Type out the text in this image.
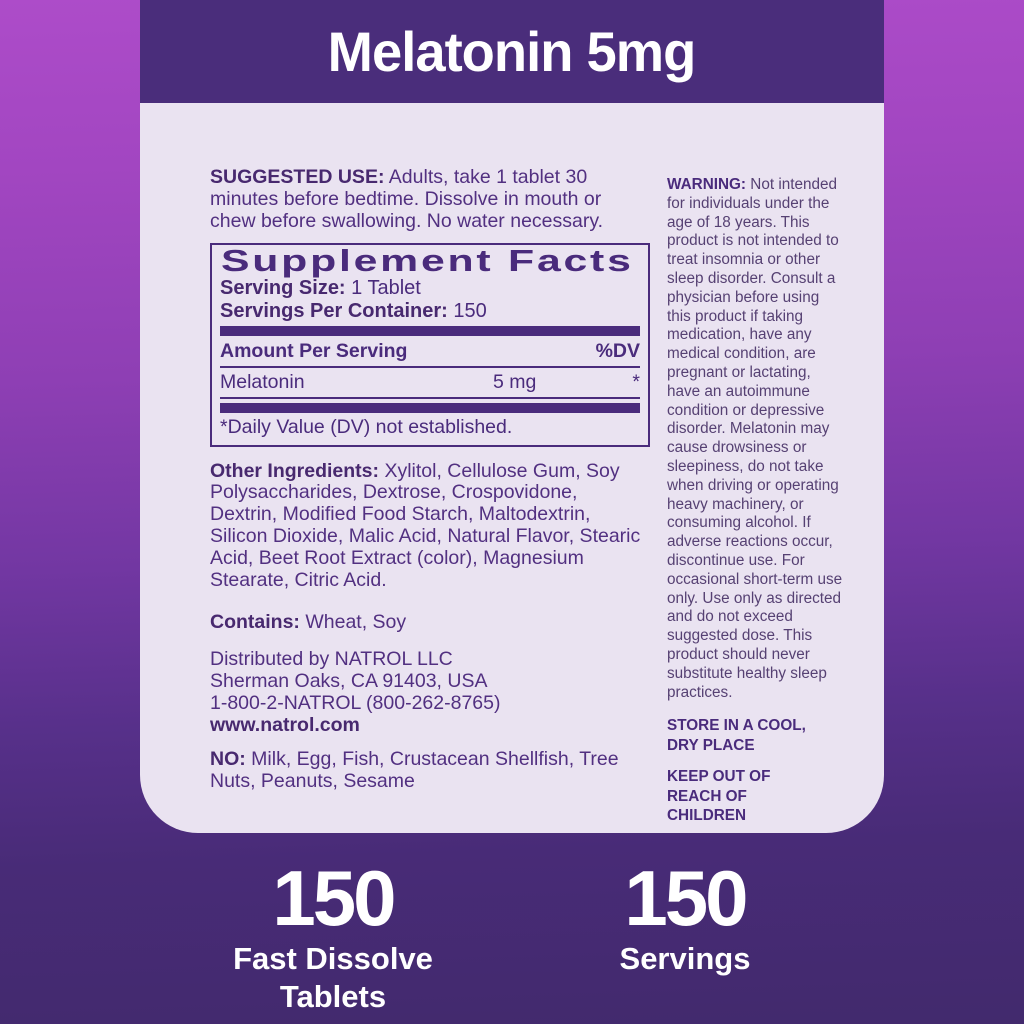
Melatonin 5mg

SUGGESTED USE: Adults, take 1 tablet 30 minutes before bedtime. Dissolve in mouth or chew before swallowing. No water necessary.

Supplement Facts
Serving Size: 1 Tablet
Servings Per Container: 150
Amount Per Serving	%DV
Melatonin	5 mg	*
*Daily Value (DV) not established.

Other Ingredients: Xylitol, Cellulose Gum, Soy Polysaccharides, Dextrose, Crospovidone, Dextrin, Modified Food Starch, Maltodextrin, Silicon Dioxide, Malic Acid, Natural Flavor, Stearic Acid, Beet Root Extract (color), Magnesium Stearate, Citric Acid.

Contains: Wheat, Soy

Distributed by NATROL LLC
Sherman Oaks, CA 91403, USA
1-800-2-NATROL (800-262-8765)
www.natrol.com

NO: Milk, Egg, Fish, Crustacean Shellfish, Tree Nuts, Peanuts, Sesame

WARNING: Not intended for individuals under the age of 18 years. This product is not intended to treat insomnia or other sleep disorder. Consult a physician before using this product if taking medication, have any medical condition, are pregnant or lactating, have an autoimmune condition or depressive disorder. Melatonin may cause drowsiness or sleepiness, do not take when driving or operating heavy machinery, or consuming alcohol. If adverse reactions occur, discontinue use. For occasional short-term use only. Use only as directed and do not exceed suggested dose. This product should never substitute healthy sleep practices.

STORE IN A COOL, DRY PLACE

KEEP OUT OF REACH OF CHILDREN

150
Fast Dissolve
Tablets
150
Servings
